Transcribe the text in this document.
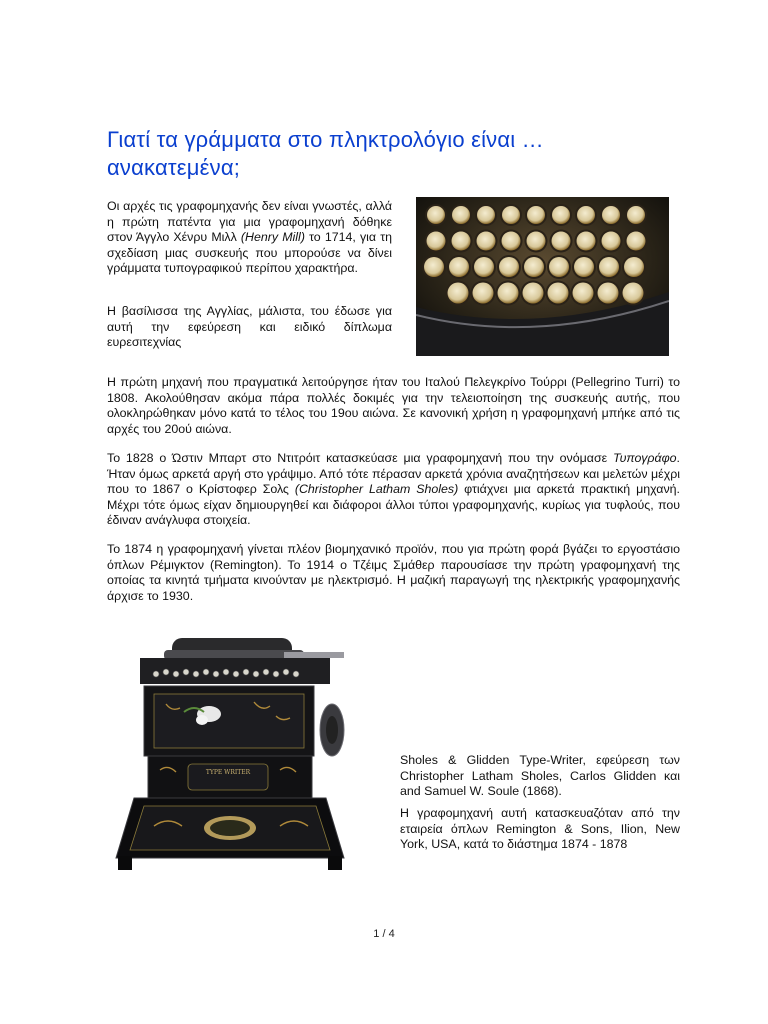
Γιατί τα γράμματα στο πληκτρολόγιο είναι … ανακατεμένα;

Οι αρχές τις γραφομηχανής δεν είναι γνωστές, αλλά η πρώτη πατέντα για μια γραφομηχανή δόθηκε στον Άγγλο Χένρυ Μιλλ (Henry Mill) το 1714, για τη σχεδίαση μιας συσκευής που μπορούσε να δίνει γράμματα τυπογραφικού περίπου χαρακτήρα.

Η βασίλισσα της Αγγλίας, μάλιστα, του έδωσε για αυτή την εφεύρεση και ειδικό δίπλωμα ευρεσιτεχνίας

Η πρώτη μηχανή που πραγματικά λειτούργησε ήταν του Ιταλού Πελεγκρίνο Τούρρι (Pellegrino Turri) το 1808. Ακολούθησαν ακόμα πάρα πολλές δοκιμές για την τελειοποίηση της συσκευής αυτής, που ολοκληρώθηκαν μόνο κατά το τέλος του 19ου αιώνα. Σε κανονική χρήση η γραφομηχανή μπήκε από τις αρχές του 20ού αιώνα.

Το 1828 ο Ώστιν Μπαρτ στο Ντιτρόιτ κατασκεύασε μια γραφομηχανή που την ονόμασε Τυπογράφο. Ήταν όμως αρκετά αργή στο γράψιμο. Από τότε πέρασαν αρκετά χρόνια αναζητήσεων και μελετών μέχρι που το 1867 ο Κρίστοφερ Σολς (Christopher Latham Sholes) φτιάχνει μια αρκετά πρακτική μηχανή. Μέχρι τότε όμως είχαν δημιουργηθεί και διάφοροι άλλοι τύποι γραφομηχανής, κυρίως για τυφλούς, που έδιναν ανάγλυφα στοιχεία.

Το 1874 η γραφομηχανή γίνεται πλέον βιομηχανικό προϊόν, που για πρώτη φορά βγάζει το εργοστάσιο όπλων Ρέμιγκτον (Remington). Το 1914 ο Τζέιμς Σμάθερ παρουσίασε την πρώτη γραφομηχανή της οποίας τα κινητά τμήματα κινούνταν με ηλεκτρισμό. Η μαζική παραγωγή της ηλεκτρικής γραφομηχανής άρχισε το 1930.

TYPE WRITER

Sholes & Glidden Type-Writer, εφεύρεση των Christopher Latham Sholes, Carlos Glidden και and Samuel W. Soule (1868).

Η γραφομηχανή αυτή κατασκευαζόταν από την εταιρεία όπλων Remington & Sons, Ilion, New York, USA, κατά το διάστημα 1874 - 1878

1 / 4
